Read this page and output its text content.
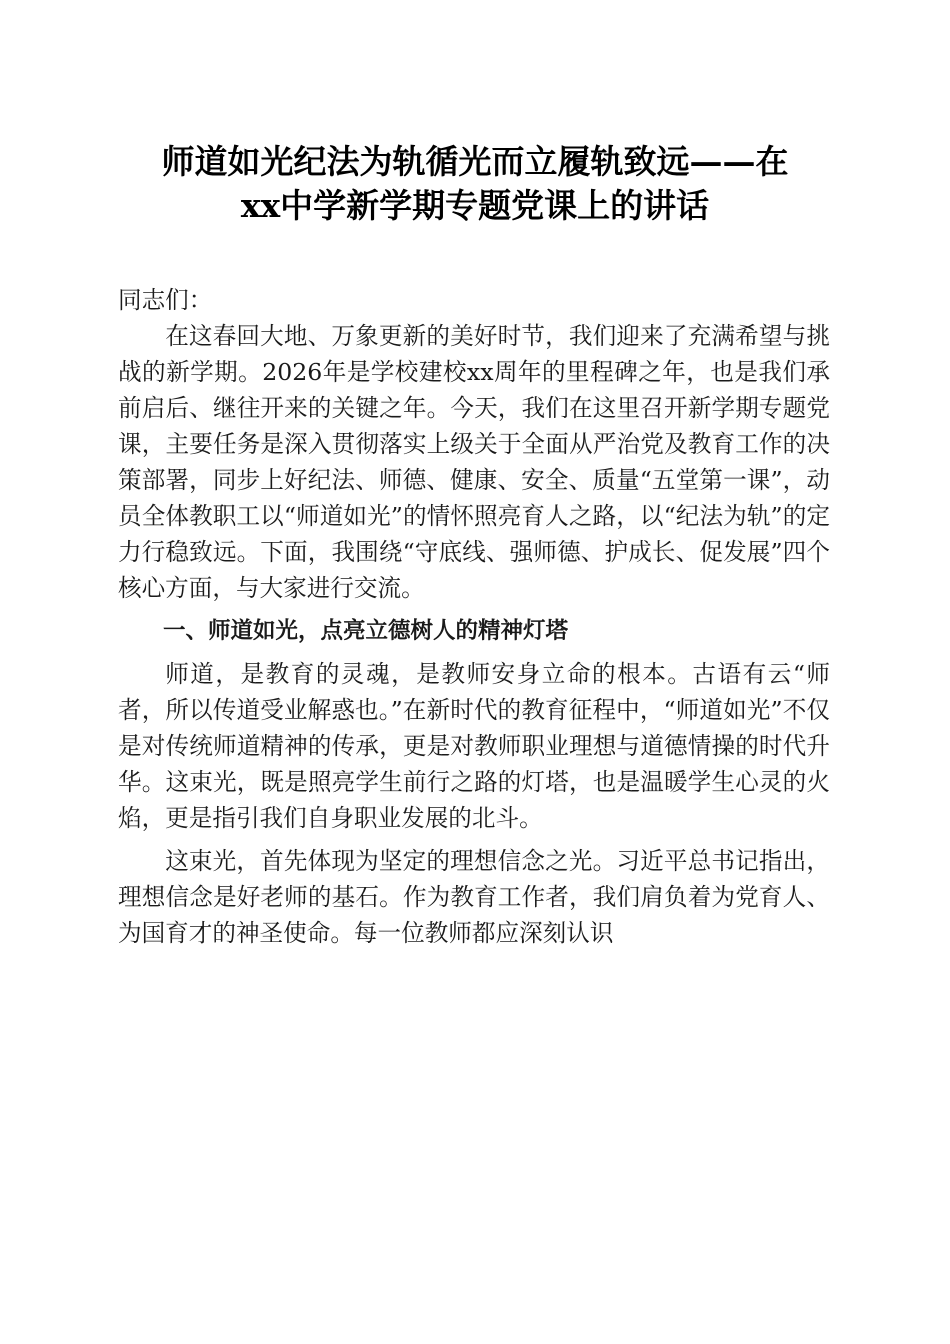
师道如光纪法为轨循光而立履轨致远——在
xx中学新学期专题党课上的讲话

同志们：

在这春回大地、万象更新的美好时节，我们迎来了充满希望与挑战的新学期。2026年是学校建校xx周年的里程碑之年，也是我们承前启后、继往开来的关键之年。今天，我们在这里召开新学期专题党课，主要任务是深入贯彻落实上级关于全面从严治党及教育工作的决策部署，同步上好纪法、师德、健康、安全、质量“五堂第一课”，动员全体教职工以“师道如光”的情怀照亮育人之路，以“纪法为轨”的定力行稳致远。下面，我围绕“守底线、强师德、护成长、促发展”四个核心方面，与大家进行交流。

一、师道如光，点亮立德树人的精神灯塔

师道，是教育的灵魂，是教师安身立命的根本。古语有云“师者，所以传道受业解惑也。”在新时代的教育征程中，“师道如光”不仅是对传统师道精神的传承，更是对教师职业理想与道德情操的时代升华。这束光，既是照亮学生前行之路的灯塔，也是温暖学生心灵的火焰，更是指引我们自身职业发展的北斗。

这束光，首先体现为坚定的理想信念之光。习近平总书记指出，理想信念是好老师的基石。作为教育工作者，我们肩负着为党育人、为国育才的神圣使命。每一位教师都应深刻认识
